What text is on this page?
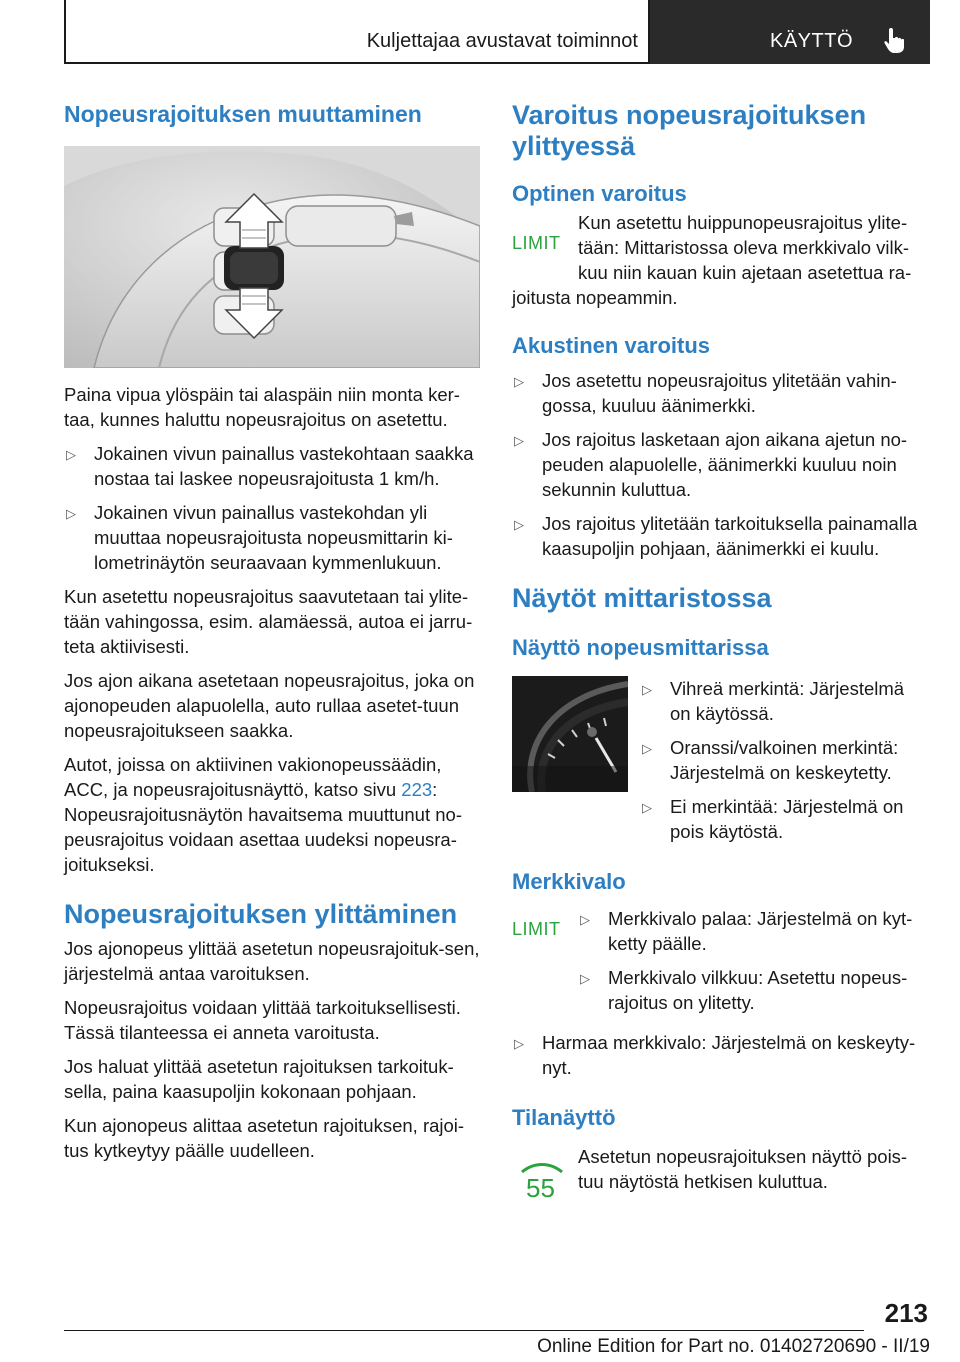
Kuljettajaa avustavat toiminnot	KÄYTTÖ
Nopeusrajoituksen muuttaminen

Paina vipua ylöspäin tai alaspäin niin monta ker-taa, kunnes haluttu nopeusrajoitus on asetettu.

▷ Jokainen vivun painallus vastekohtaan saakka nostaa tai laskee nopeusrajoitusta 1 km/h.
▷ Jokainen vivun painallus vastekohdan yli muuttaa nopeusrajoitusta nopeusmittarin ki-lometrinäytön seuraavaan kymmenlukuun.

Kun asetettu nopeusrajoitus saavutetaan tai ylite-tään vahingossa, esim. alamäessä, autoa ei jarru-teta aktiivisesti.

Jos ajon aikana asetetaan nopeusrajoitus, joka on ajonopeuden alapuolella, auto rullaa asetet-tuun nopeusrajoitukseen saakka.

Autot, joissa on aktiivinen vakionopeussäädin, ACC, ja nopeusrajoitusnäyttö, katso sivu 223: Nopeusrajoitusnäytön havaitsema muuttunut no-peusrajoitus voidaan asettaa uudeksi nopeusra-joitukseksi.

Nopeusrajoituksen ylittäminen

Jos ajonopeus ylittää asetetun nopeusrajoituk-sen, järjestelmä antaa varoituksen.

Nopeusrajoitus voidaan ylittää tarkoituksellisesti. Tässä tilanteessa ei anneta varoitusta.

Jos haluat ylittää asetetun rajoituksen tarkoituk-sella, paina kaasupoljin kokonaan pohjaan.

Kun ajonopeus alittaa asetetun rajoituksen, rajoi-tus kytkeytyy päälle uudelleen.

Varoitus nopeusrajoituksen ylittyessä
Optinen varoitus
LIMIT

Kun asetettu huippunopeusrajoitus ylite-tään: Mittaristossa oleva merkkivalo vilk-kuu niin kauan kuin ajetaan asetettua ra-joitusta nopeammin.

Akustinen varoitus
▷ Jos asetettu nopeusrajoitus ylitetään vahin-gossa, kuuluu äänimerkki.
▷ Jos rajoitus lasketaan ajon aikana ajetun no-peuden alapuolelle, äänimerkki kuuluu noin sekunnin kuluttua.
▷ Jos rajoitus ylitetään tarkoituksella painamalla kaasupoljin pohjaan, äänimerkki ei kuulu.
Näytöt mittaristossa
Näyttö nopeusmittarissa
▷ Vihreä merkintä: Järjestelmä on käytössä.
▷ Oranssi/valkoinen merkintä: Järjestelmä on keskeytetty.
▷ Ei merkintää: Järjestelmä on pois käytöstä.
Merkkivalo
LIMIT	▷ Merkkivalo palaa: Järjestelmä on kyt-ketty päälle.
▷ Merkkivalo vilkkuu: Asetettu nopeus-rajoitus on ylitetty.
▷ Harmaa merkkivalo: Järjestelmä on keskeyty-nyt.
Tilanäyttö
55

Asetetun nopeusrajoituksen näyttö pois-tuu näytöstä hetkisen kuluttua.

213
Online Edition for Part no. 01402720690 - II/19
